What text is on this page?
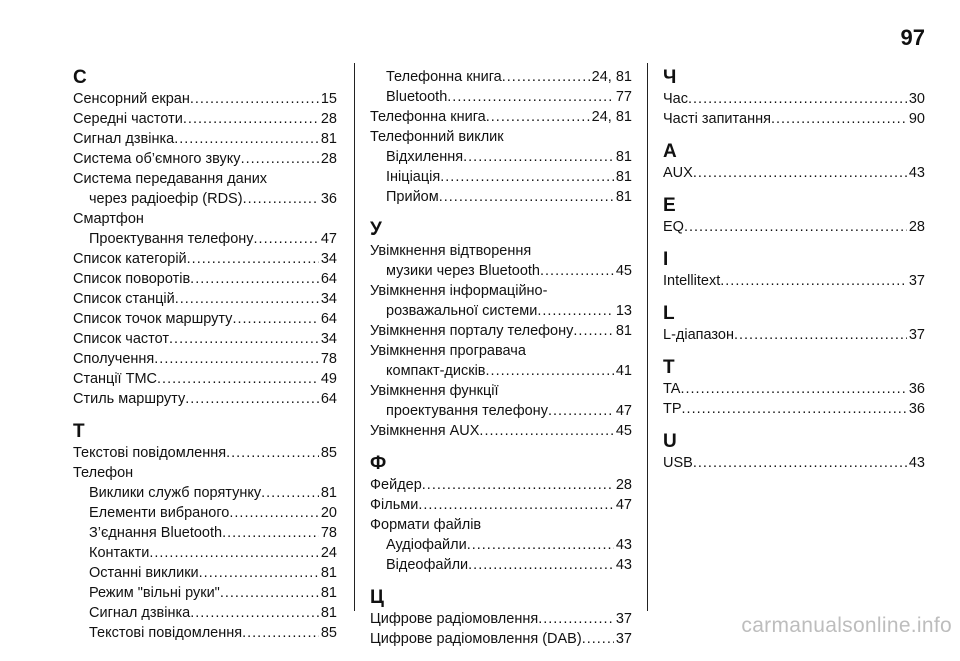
97
С
Сенсорний екран .....	15
Середні частоти .....	28
Сигнал дзвінка .....	81
Система об’ємного звуку .....	28
Система передавання даних
через радіоефір (RDS) .....	36
Смартфон
Проектування телефону .....	47
Список категорій .....	34
Список поворотів .....	64
Список станцій .....	34
Список точок маршруту .....	64
Список частот .....	34
Сполучення .....	78
Станції TMC .....	49
Стиль маршруту .....	64
Т
Текстові повідомлення .....	85
Телефон
Виклики служб порятунку .....	81
Елементи вибраного .....	20
З’єднання Bluetooth .....	78
Контакти .....	24
Останні виклики .....	81
Режим "вільні руки" .....	81
Сигнал дзвінка .....	81
Текстові повідомлення .....	85
Телефонна книга .....	24, 81
Bluetooth .....	77
Телефонна книга .....	24, 81
Телефонний виклик
Відхилення .....	81
Ініціація .....	81
Прийом .....	81
У
Увімкнення відтворення
музики через Bluetooth .....	45
Увімкнення інформаційно-
розважальної системи .....	13
Увімкнення порталу телефону .....	81
Увімкнення програвача
компакт-дисків .....	41
Увімкнення функції
проектування телефону .....	47
Увімкнення AUX .....	45
Ф
Фейдер .....	28
Фільми .....	47
Формати файлів
Аудіофайли .....	43
Відеофайли .....	43
Ц
Цифрове радіомовлення .....	37
Цифрове радіомовлення (DAB) ..... 37
Ч
Час .....	30
Часті запитання .....	90
A
AUX .....	43
E
EQ .....	28
I
Intellitext .....	37
L
L-діапазон .....	37
T
TA .....	36
TP .....	36
U
USB .....	43
carmanualsonline.info
